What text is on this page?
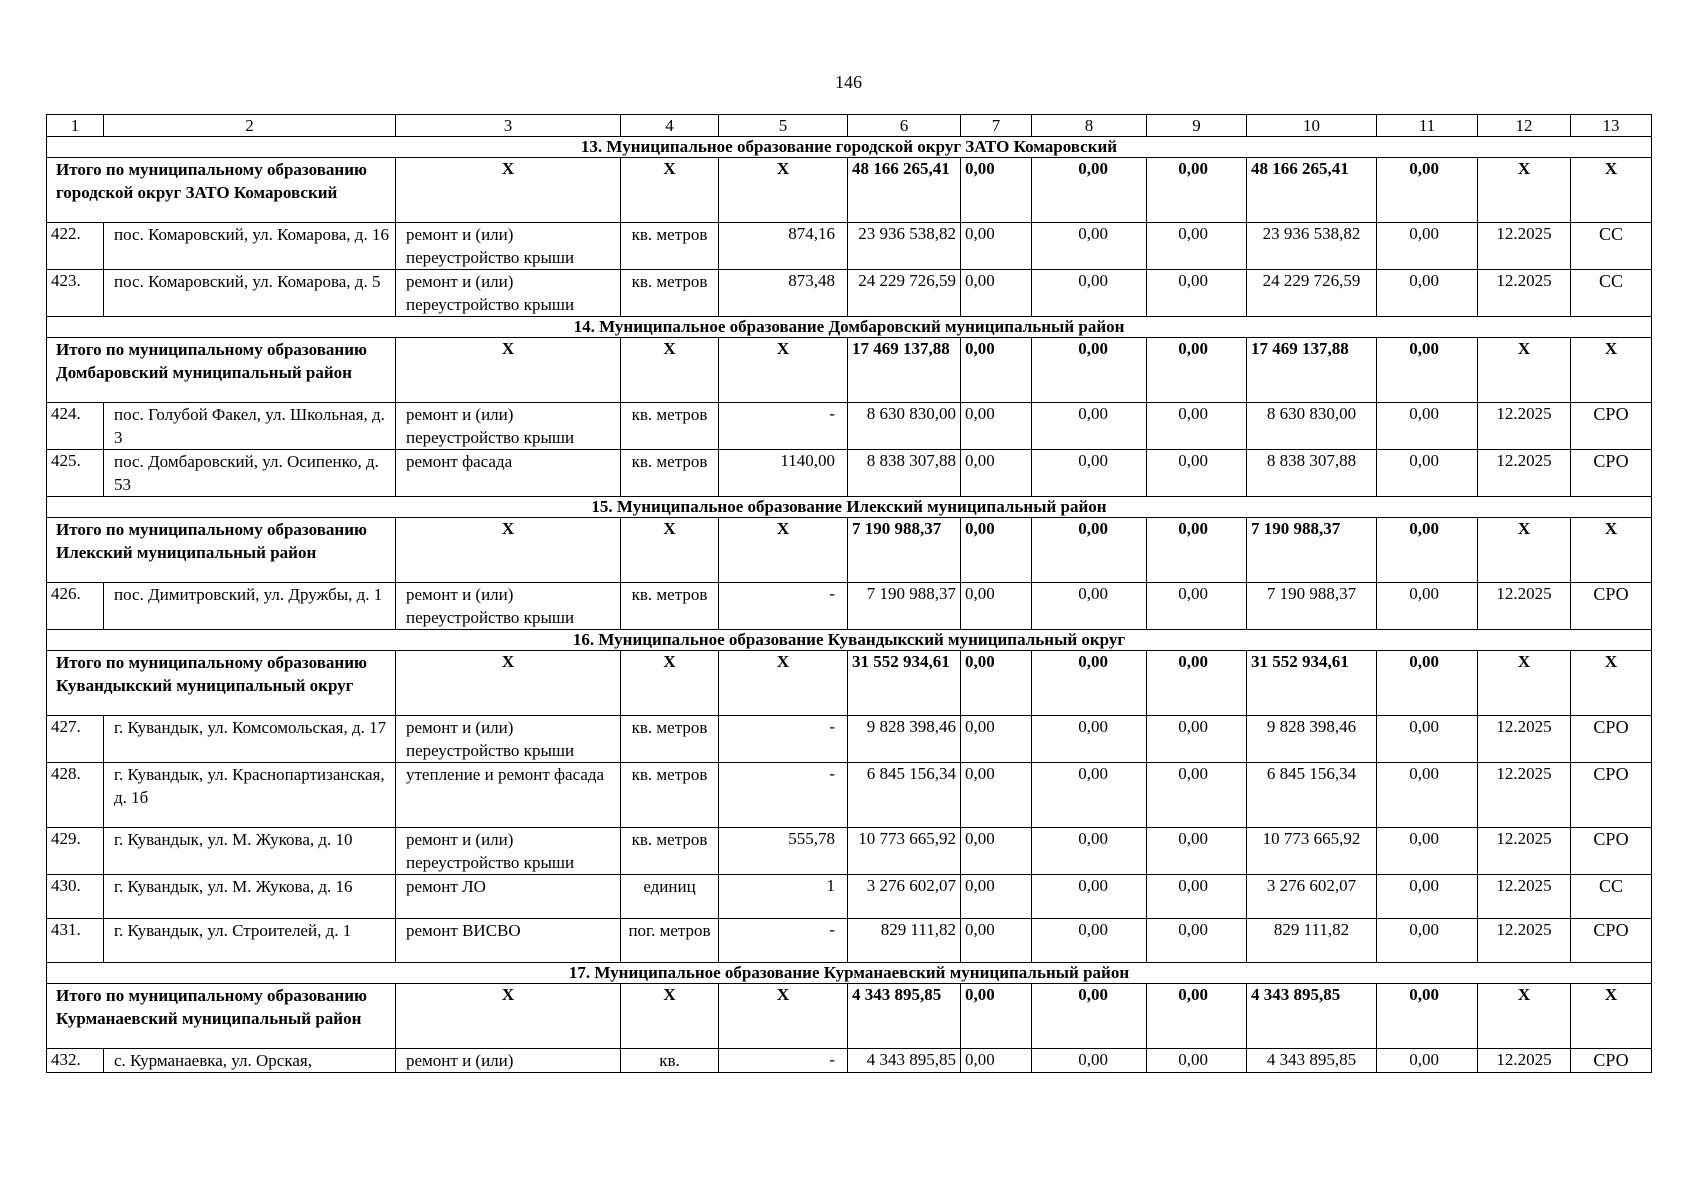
146
1	2	3	4	5	6	7	8	9	10	11	12	13
13. Муниципальное образование городской округ ЗАТО Комаровский												
Итого по муниципальному образованию городской округ ЗАТО Комаровский		X	X	X	48 166 265,41	0,00	0,00	0,00	48 166 265,41	0,00	X	X
422.	пос. Комаровский, ул. Комарова, д. 16	ремонт и (или) переустройство крыши	кв. метров	874,16	23 936 538,82	0,00	0,00	0,00	23 936 538,82	0,00	12.2025	СС
423.	пос. Комаровский, ул. Комарова, д. 5	ремонт и (или) переустройство крыши	кв. метров	873,48	24 229 726,59	0,00	0,00	0,00	24 229 726,59	0,00	12.2025	СС
14. Муниципальное образование Домбаровский муниципальный район												
Итого по муниципальному образованию Домбаровский муниципальный район		X	X	X	17 469 137,88	0,00	0,00	0,00	17 469 137,88	0,00	X	X
424.	пос. Голубой Факел, ул. Школьная, д. 3	ремонт и (или) переустройство крыши	кв. метров	-	8 630 830,00	0,00	0,00	0,00	8 630 830,00	0,00	12.2025	СРО
425.	пос. Домбаровский, ул. Осипенко, д. 53	ремонт фасада	кв. метров	1140,00	8 838 307,88	0,00	0,00	0,00	8 838 307,88	0,00	12.2025	СРО
15. Муниципальное образование Илекский муниципальный район												
Итого по муниципальному образованию Илекский муниципальный район		X	X	X	7 190 988,37	0,00	0,00	0,00	7 190 988,37	0,00	X	X
426.	пос. Димитровский, ул. Дружбы, д. 1	ремонт и (или) переустройство крыши	кв. метров	-	7 190 988,37	0,00	0,00	0,00	7 190 988,37	0,00	12.2025	СРО
16. Муниципальное образование Кувандыкский муниципальный округ												
Итого по муниципальному образованию Кувандыкский муниципальный округ		X	X	X	31 552 934,61	0,00	0,00	0,00	31 552 934,61	0,00	X	X
427.	г. Кувандык, ул. Комсомольская, д. 17	ремонт и (или) переустройство крыши	кв. метров	-	9 828 398,46	0,00	0,00	0,00	9 828 398,46	0,00	12.2025	СРО
428.	г. Кувандык, ул. Краснопартизанская, д. 1б	утепление и ремонт фасада	кв. метров	-	6 845 156,34	0,00	0,00	0,00	6 845 156,34	0,00	12.2025	СРО
429.	г. Кувандык, ул. М. Жукова, д. 10	ремонт и (или) переустройство крыши	кв. метров	555,78	10 773 665,92	0,00	0,00	0,00	10 773 665,92	0,00	12.2025	СРО
430.	г. Кувандык, ул. М. Жукова, д. 16	ремонт ЛО	единиц	1	3 276 602,07	0,00	0,00	0,00	3 276 602,07	0,00	12.2025	СС
431.	г. Кувандык, ул. Строителей, д. 1	ремонт ВИСВО	пог. метров	-	829 111,82	0,00	0,00	0,00	829 111,82	0,00	12.2025	СРО
17. Муниципальное образование Курманаевский муниципальный район												
Итого по муниципальному образованию Курманаевский муниципальный район		X	X	X	4 343 895,85	0,00	0,00	0,00	4 343 895,85	0,00	X	X
432.	с. Курманаевка, ул. Орская,	ремонт и (или)	кв.	-	4 343 895,85	0,00	0,00	0,00	4 343 895,85	0,00	12.2025	СРО
